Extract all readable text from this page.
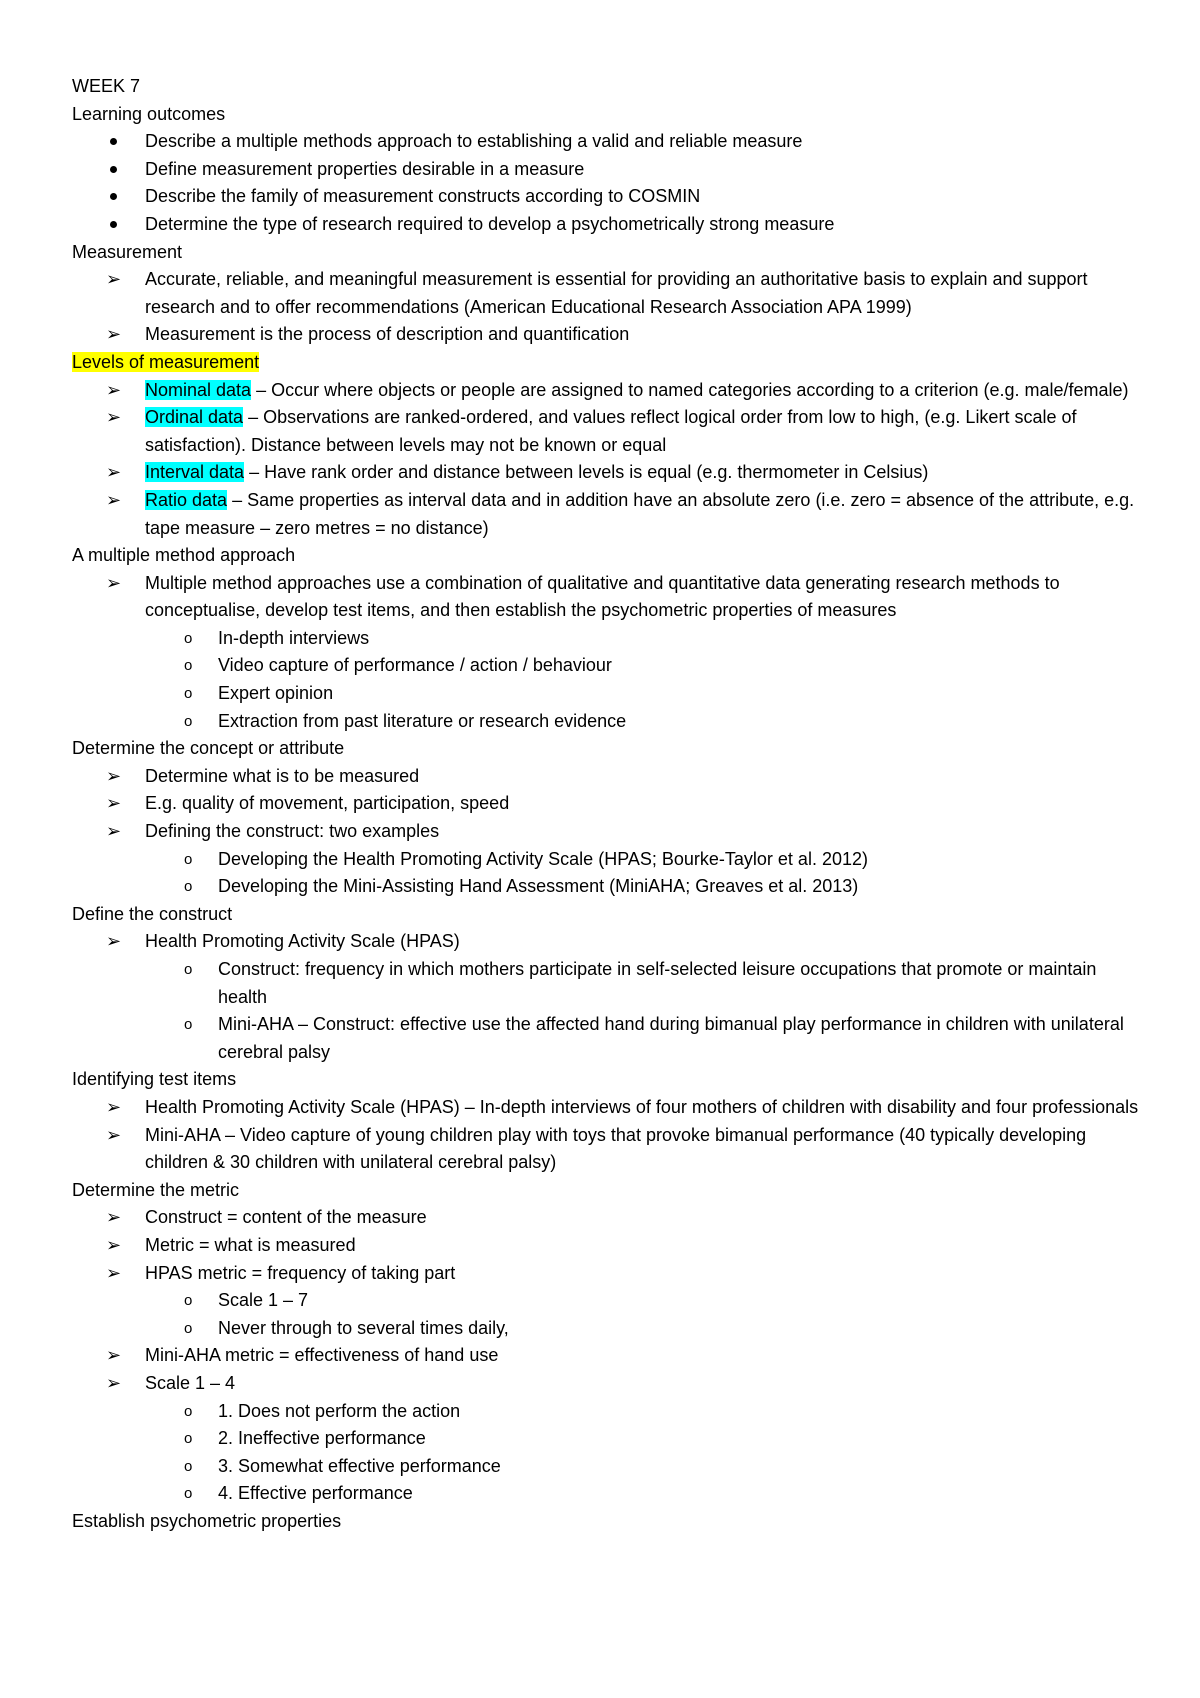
WEEK 7
Learning outcomes
Describe a multiple methods approach to establishing a valid and reliable measure
Define measurement properties desirable in a measure
Describe the family of measurement constructs according to COSMIN
Determine the type of research required to develop a psychometrically strong measure
Measurement
➢ Accurate, reliable, and meaningful measurement is essential for providing an authoritative basis to explain and support research and to offer recommendations (American Educational Research Association APA 1999)
➢ Measurement is the process of description and quantification
Levels of measurement
➢ Nominal data – Occur where objects or people are assigned to named categories according to a criterion (e.g. male/female)
➢ Ordinal data – Observations are ranked-ordered, and values reflect logical order from low to high, (e.g. Likert scale of satisfaction). Distance between levels may not be known or equal
➢ Interval data – Have rank order and distance between levels is equal (e.g. thermometer in Celsius)
➢ Ratio data – Same properties as interval data and in addition have an absolute zero (i.e. zero = absence of the attribute, e.g. tape measure – zero metres = no distance)
A multiple method approach
➢ Multiple method approaches use a combination of qualitative and quantitative data generating research methods to conceptualise, develop test items, and then establish the psychometric properties of measures
o In-depth interviews
o Video capture of performance / action / behaviour
o Expert opinion
o Extraction from past literature or research evidence
Determine the concept or attribute
➢ Determine what is to be measured
➢ E.g. quality of movement, participation, speed
➢ Defining the construct: two examples
o Developing the Health Promoting Activity Scale (HPAS; Bourke-Taylor et al. 2012)
o Developing the Mini-Assisting Hand Assessment (MiniAHA; Greaves et al. 2013)
Define the construct
➢ Health Promoting Activity Scale (HPAS)
o Construct: frequency in which mothers participate in self-selected leisure occupations that promote or maintain health
o Mini-AHA – Construct: effective use the affected hand during bimanual play performance in children with unilateral cerebral palsy
Identifying test items
➢ Health Promoting Activity Scale (HPAS) – In-depth interviews of four mothers of children with disability and four professionals
➢ Mini-AHA – Video capture of young children play with toys that provoke bimanual performance (40 typically developing children & 30 children with unilateral cerebral palsy)
Determine the metric
➢ Construct = content of the measure
➢ Metric = what is measured
➢ HPAS metric = frequency of taking part
o Scale 1 – 7
o Never through to several times daily,
➢ Mini-AHA metric = effectiveness of hand use
➢ Scale 1 – 4
o 1. Does not perform the action
o 2. Ineffective performance
o 3. Somewhat effective performance
o 4. Effective performance
Establish psychometric properties
